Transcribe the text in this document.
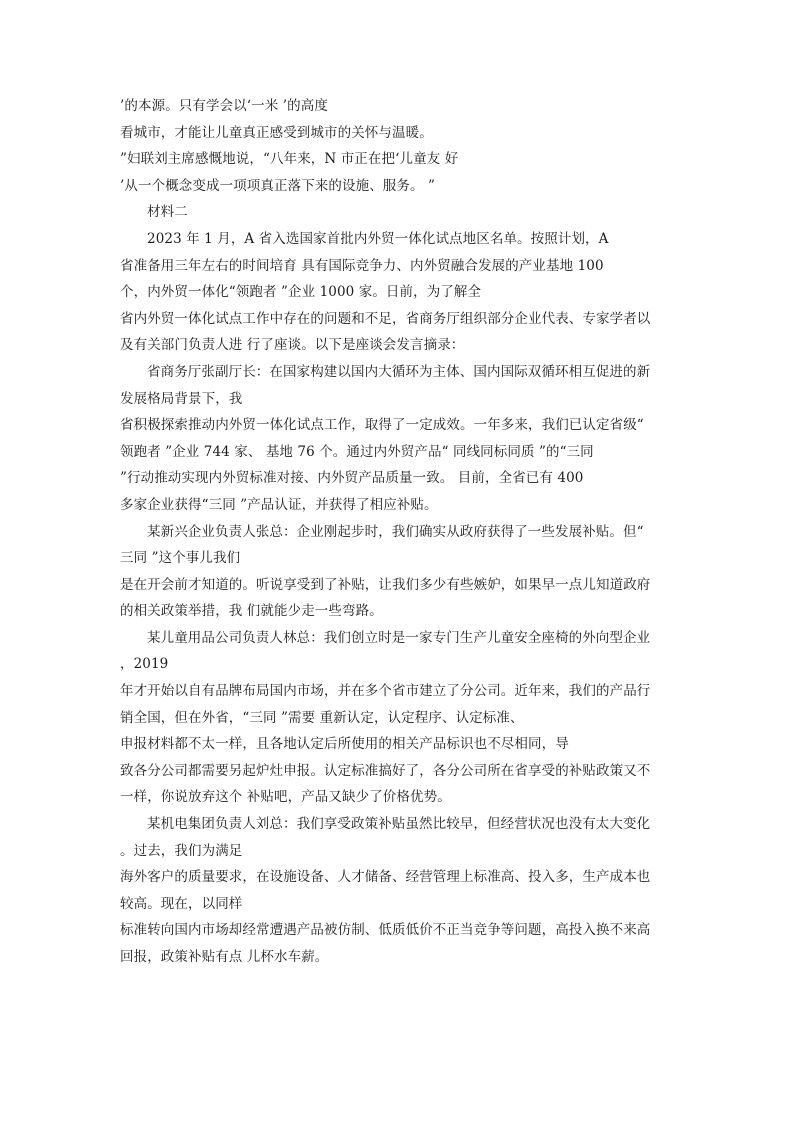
’的本源。只有学会以‘一米 ’的高度
看城市，才能让儿童真正感受到城市的关怀与温暖。
”妇联刘主席感慨地说，“八年来，N 市正在把‘儿童友 好
’从一个概念变成一项项真正落下来的设施、服务。 ”
材料二
2023 年 1 月，A 省入选国家首批内外贸一体化试点地区名单。按照计划，A
省准备用三年左右的时间培育 具有国际竞争力、内外贸融合发展的产业基地 100
个，内外贸一体化“领跑者 ”企业 1000 家。日前，为了解全
省内外贸一体化试点工作中存在的问题和不足，省商务厅组织部分企业代表、专家学者以
及有关部门负责人进 行了座谈。以下是座谈会发言摘录：
省商务厅张副厅长：在国家构建以国内大循环为主体、国内国际双循环相互促进的新
发展格局背景下，我
省积极探索推动内外贸一体化试点工作，取得了一定成效。一年多来，我们已认定省级“
领跑者 ”企业 744 家、 基地 76 个。通过内外贸产品“ 同线同标同质 ”的“三同
”行动推动实现内外贸标准对接、内外贸产品质量一致。 目前，全省已有 400
多家企业获得“三同 ”产品认证，并获得了相应补贴。
某新兴企业负责人张总：企业刚起步时，我们确实从政府获得了一些发展补贴。但“
三同 ”这个事儿我们
是在开会前才知道的。听说享受到了补贴，让我们多少有些嫉妒，如果早一点儿知道政府
的相关政策举措，我 们就能少走一些弯路。
某儿童用品公司负责人林总：我们创立时是一家专门生产儿童安全座椅的外向型企业
，2019
年才开始以自有品牌布局国内市场，并在多个省市建立了分公司。近年来，我们的产品行
销全国，但在外省，“三同 ”需要 重新认定，认定程序、认定标准、
申报材料都不太一样，且各地认定后所使用的相关产品标识也不尽相同，导
致各分公司都需要另起炉灶申报。认定标准搞好了，各分公司所在省享受的补贴政策又不
一样，你说放弃这个 补贴吧，产品又缺少了价格优势。
某机电集团负责人刘总：我们享受政策补贴虽然比较早，但经营状况也没有太大变化
。过去，我们为满足
海外客户的质量要求，在设施设备、人才储备、经营管理上标准高、投入多，生产成本也
较高。现在，以同样
标准转向国内市场却经常遭遇产品被仿制、低质低价不正当竞争等问题，高投入换不来高
回报，政策补贴有点 儿杯水车薪。
